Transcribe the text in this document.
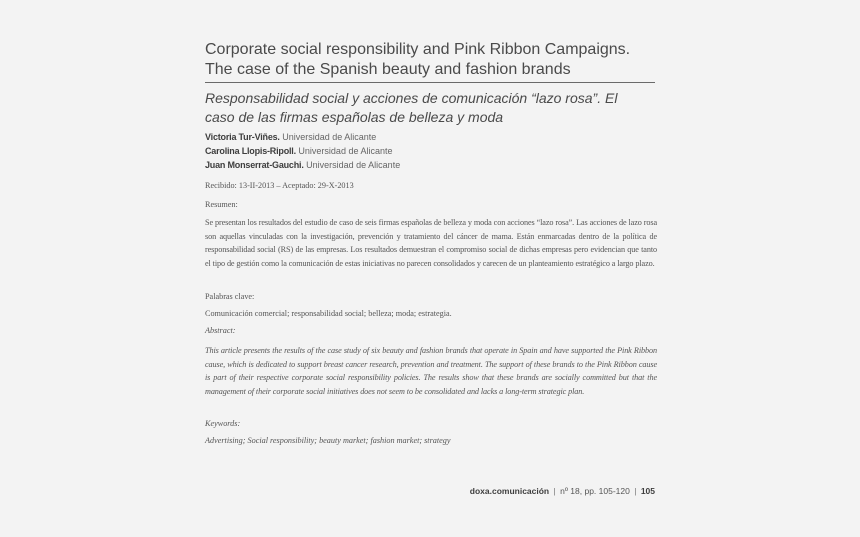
Corporate social responsibility and Pink Ribbon Campaigns.
The case of the Spanish beauty and fashion brands
Responsabilidad social y acciones de comunicación “lazo rosa”. El
caso de las firmas españolas de belleza y moda
Victoria Tur-Viñes. Universidad de Alicante
Carolina Llopis-Ripoll. Universidad de Alicante
Juan Monserrat-Gauchi. Universidad de Alicante
Recibido: 13-II-2013 – Aceptado: 29-X-2013
Resumen:
Se presentan los resultados del estudio de caso de seis firmas españolas de belleza y moda con acciones “lazo rosa”. Las acciones de lazo rosa son aquellas vinculadas con la investigación, prevención y tratamiento del cáncer de mama. Están enmarcadas dentro de la política de responsabilidad social (RS) de las empresas. Los resultados demuestran el compromiso social de dichas empresas pero evidencian que tanto el tipo de gestión como la comunicación de estas iniciativas no parecen consolidados y carecen de un planteamiento estratégico a largo plazo.
Palabras clave:
Comunicación comercial; responsabilidad social; belleza; moda; estrategia.
Abstract:
This article presents the results of the case study of six beauty and fashion brands that operate in Spain and have supported the Pink Ribbon cause, which is dedicated to support breast cancer research, prevention and treatment. The support of these brands to the Pink Ribbon cause is part of their respective corporate social responsibility policies. The results show that these brands are socially committed but that the management of their corporate social initiatives does not seem to be consolidated and lacks a long-term strategic plan.
Keywords:
Advertising; Social responsibility; beauty market; fashion market; strategy
doxa.comunicación | nº 18, pp. 105-120 | 105
